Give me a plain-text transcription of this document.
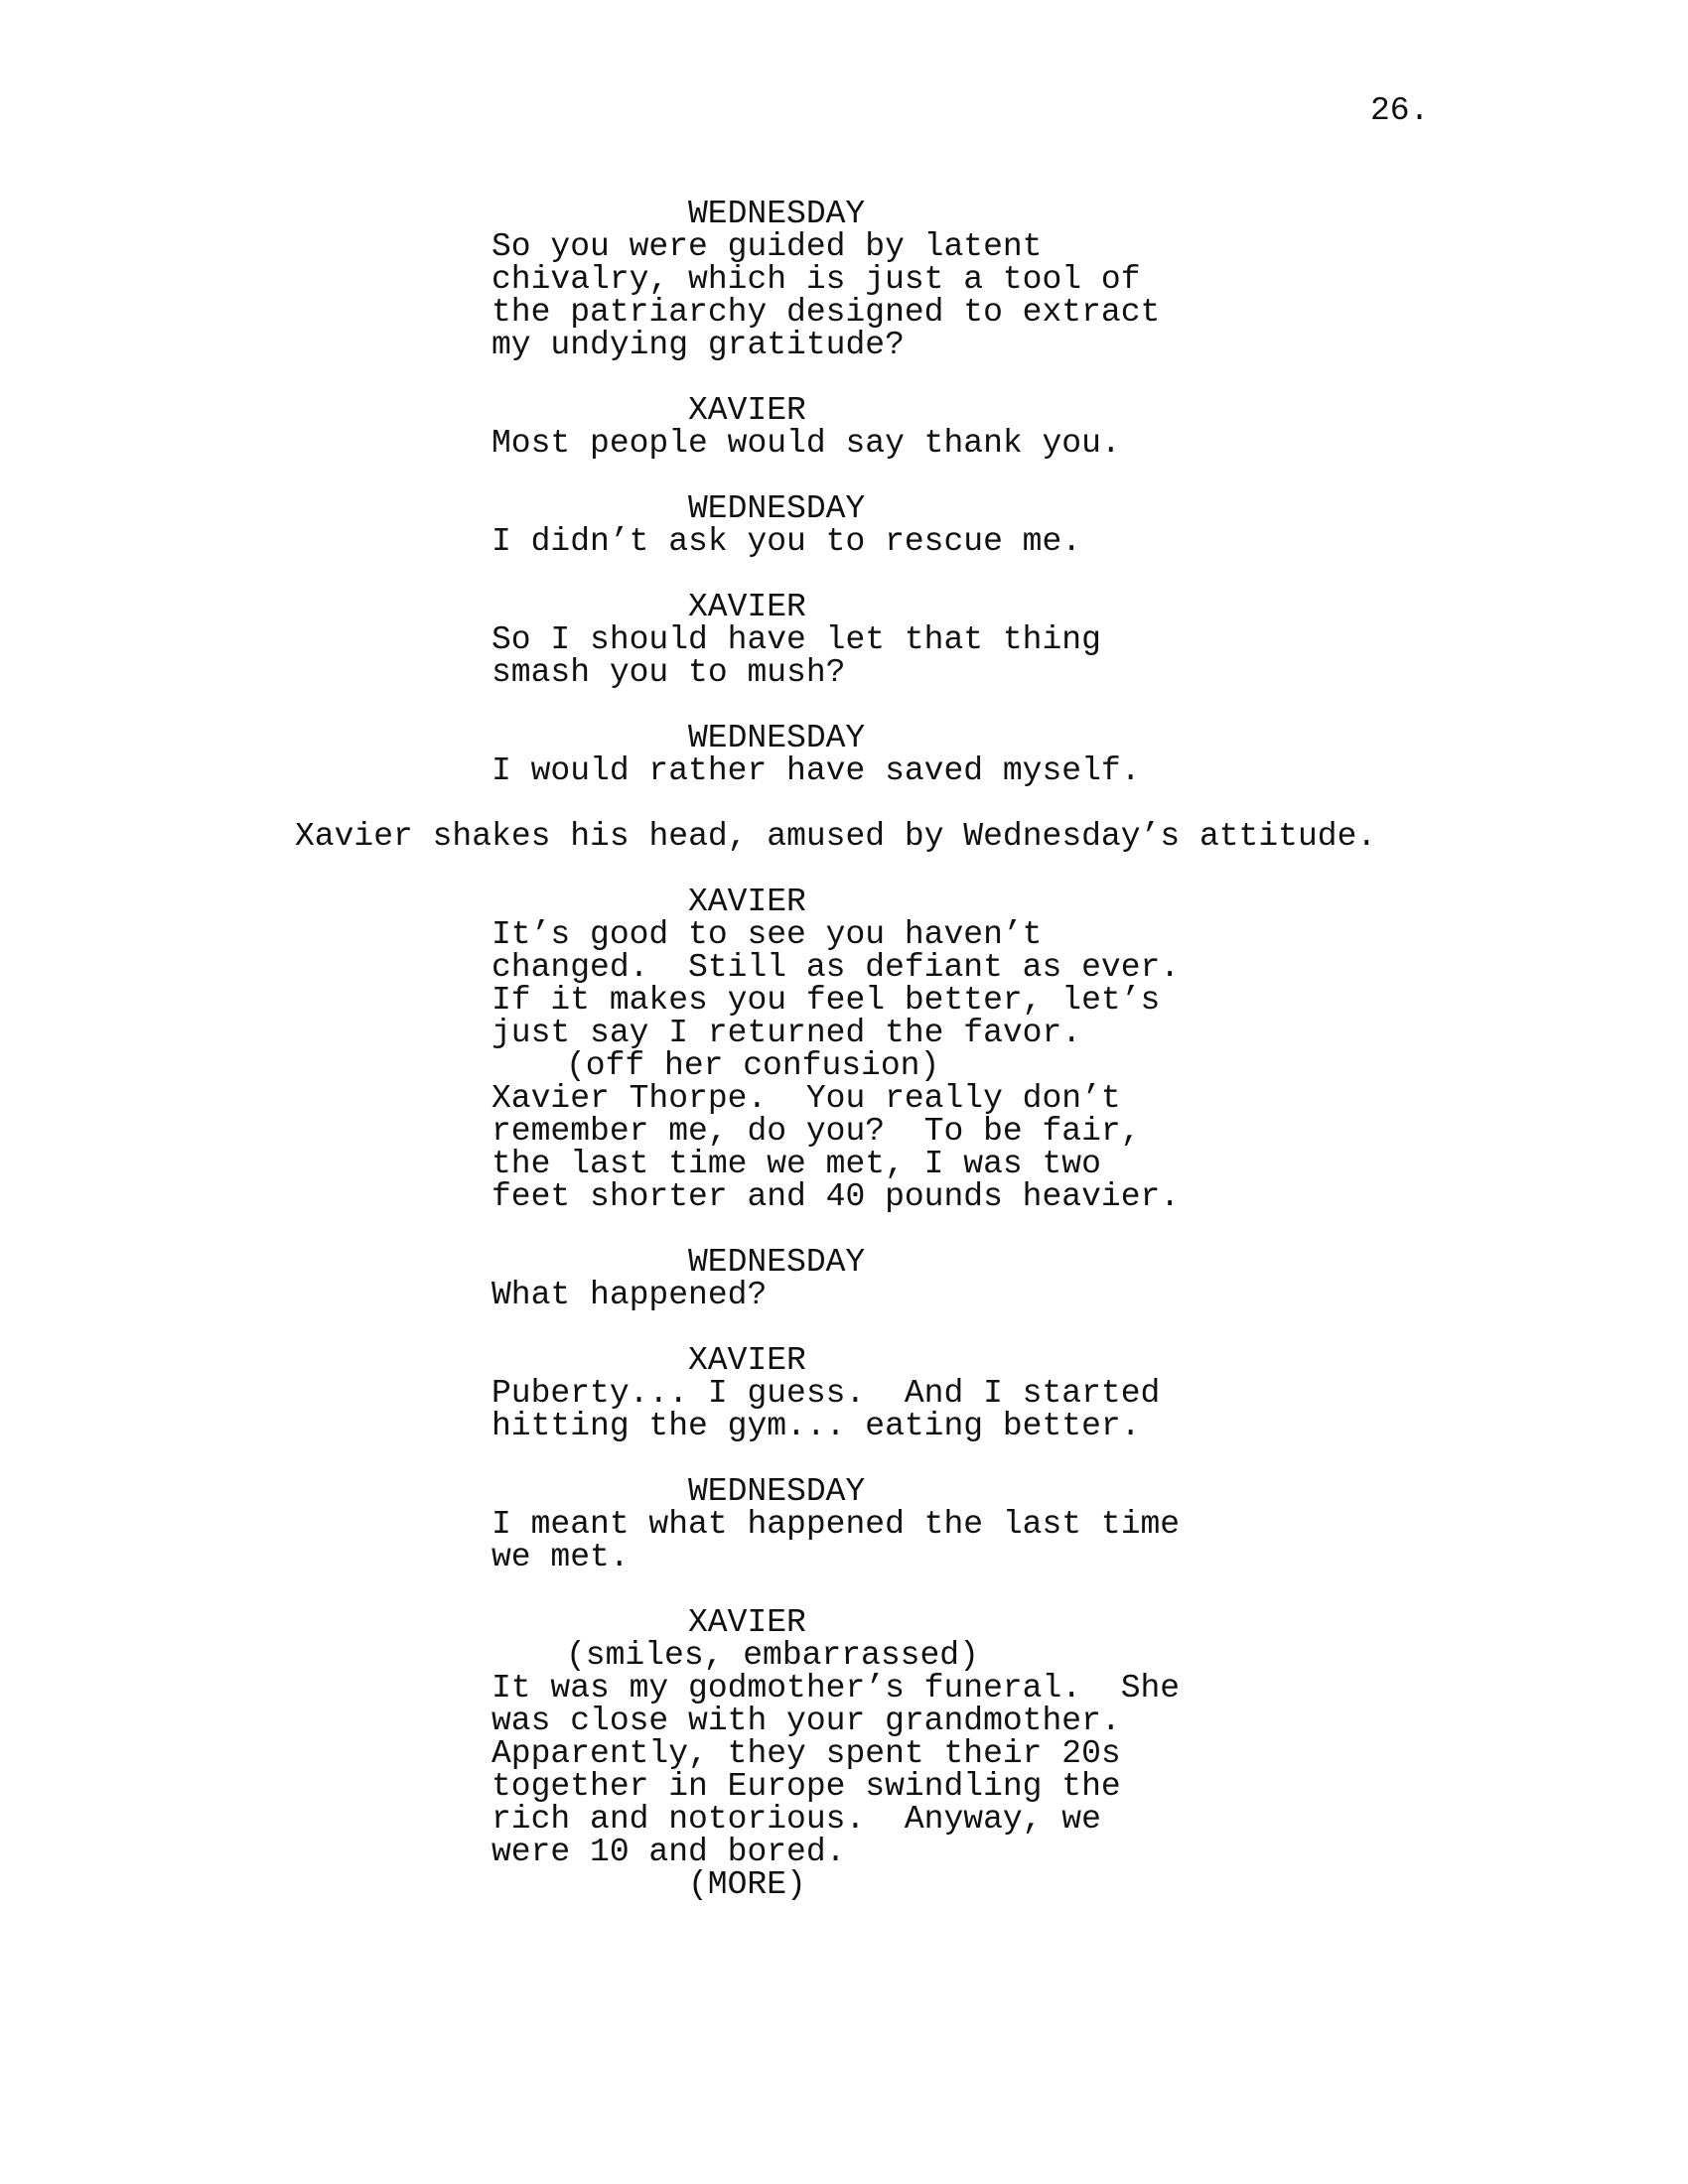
26.
WEDNESDAY
So you were guided by latent
chivalry, which is just a tool of
the patriarchy designed to extract
my undying gratitude?
XAVIER
Most people would say thank you.
WEDNESDAY
I didn’t ask you to rescue me.
XAVIER
So I should have let that thing
smash you to mush?
WEDNESDAY
I would rather have saved myself.
Xavier shakes his head, amused by Wednesday’s attitude.
XAVIER
It’s good to see you haven’t
changed.  Still as defiant as ever.
If it makes you feel better, let’s
just say I returned the favor.
(off her confusion)
Xavier Thorpe.  You really don’t
remember me, do you?  To be fair,
the last time we met, I was two
feet shorter and 40 pounds heavier.
WEDNESDAY
What happened?
XAVIER
Puberty... I guess.  And I started
hitting the gym... eating better.
WEDNESDAY
I meant what happened the last time
we met.
XAVIER
(smiles, embarrassed)
It was my godmother’s funeral.  She
was close with your grandmother.
Apparently, they spent their 20s
together in Europe swindling the
rich and notorious.  Anyway, we
were 10 and bored.
(MORE)
